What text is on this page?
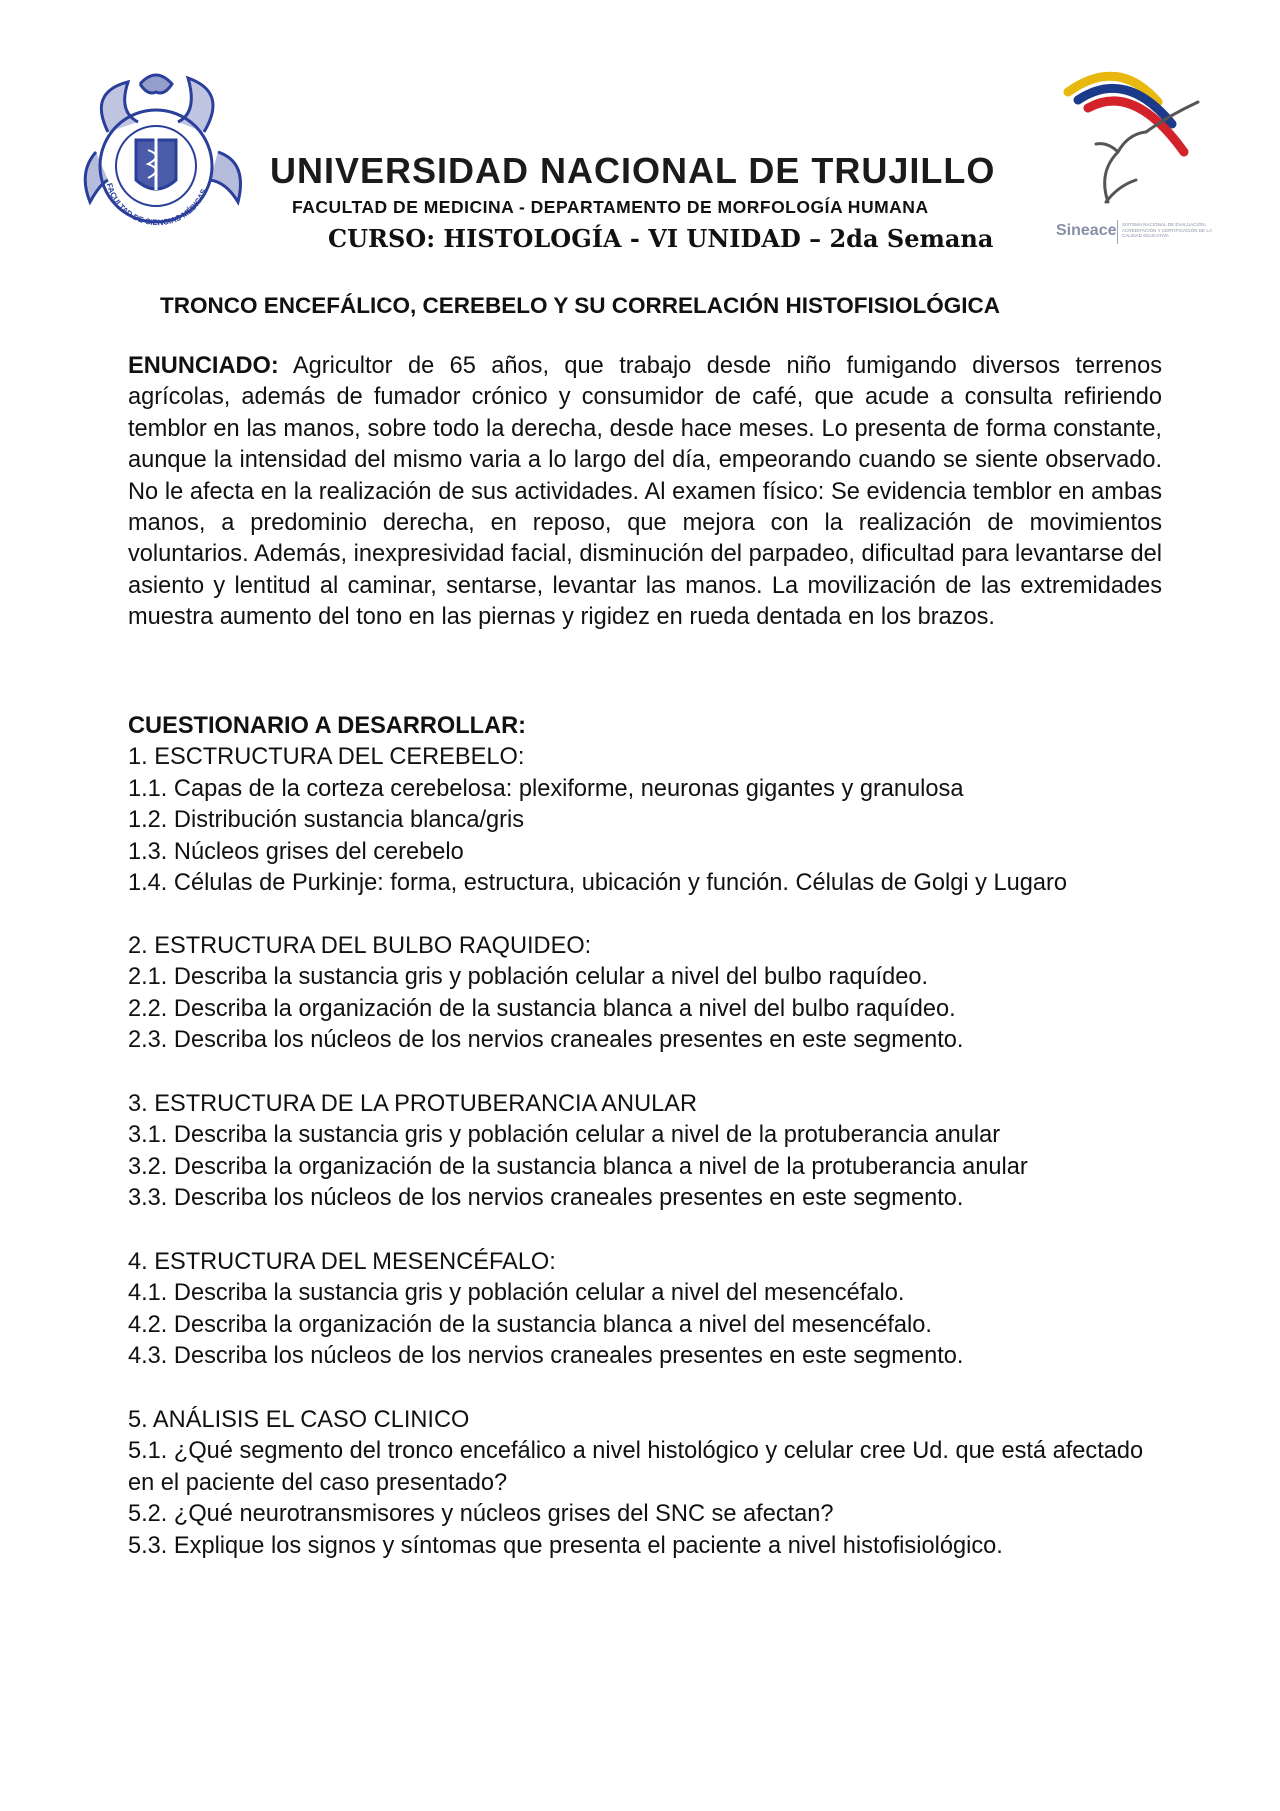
FACULTAD DE CIENCIAS MÉDICAS
Sineace SISTEMA NACIONAL DE EVALUACIÓN, ACREDITACIÓN Y CERTIFICACIÓN DE LA CALIDAD EDUCATIVA
UNIVERSIDAD NACIONAL DE TRUJILLO
FACULTAD DE MEDICINA - DEPARTAMENTO DE MORFOLOGÍA HUMANA
CURSO: HISTOLOGÍA - VI UNIDAD – 2da Semana
TRONCO ENCEFÁLICO, CEREBELO Y SU CORRELACIÓN HISTOFISIOLÓGICA
ENUNCIADO: Agricultor de 65 años, que trabajo desde niño fumigando diversos terrenos agrícolas, además de fumador crónico y consumidor de café, que acude a consulta refiriendo temblor en las manos, sobre todo la derecha, desde hace meses. Lo presenta de forma constante, aunque la intensidad del mismo varia a lo largo del día, empeorando cuando se siente observado. No le afecta en la realización de sus actividades. Al examen físico: Se evidencia temblor en ambas manos, a predominio derecha, en reposo, que mejora con la realización de movimientos voluntarios. Además, inexpresividad facial, disminución del parpadeo, dificultad para levantarse del asiento y lentitud al caminar, sentarse, levantar las manos. La movilización de las extremidades muestra aumento del tono en las piernas y rigidez en rueda dentada en los brazos.

CUESTIONARIO A DESARROLLAR:

1. ESCTRUCTURA DEL CEREBELO:

1.1. Capas de la corteza cerebelosa: plexiforme, neuronas gigantes y granulosa

1.2. Distribución sustancia blanca/gris

1.3. Núcleos grises del cerebelo

1.4. Células de Purkinje: forma, estructura, ubicación y función. Células de Golgi y Lugaro

2. ESTRUCTURA DEL BULBO RAQUIDEO:

2.1. Describa la sustancia gris y población celular a nivel del bulbo raquídeo.

2.2. Describa la organización de la sustancia blanca a nivel del bulbo raquídeo.

2.3. Describa los núcleos de los nervios craneales presentes en este segmento.

3. ESTRUCTURA DE LA PROTUBERANCIA ANULAR

3.1. Describa la sustancia gris y población celular a nivel de la protuberancia anular

3.2. Describa la organización de la sustancia blanca a nivel de la protuberancia anular

3.3. Describa los núcleos de los nervios craneales presentes en este segmento.

4. ESTRUCTURA DEL MESENCÉFALO:

4.1. Describa la sustancia gris y población celular a nivel del mesencéfalo.

4.2. Describa la organización de la sustancia blanca a nivel del mesencéfalo.

4.3. Describa los núcleos de los nervios craneales presentes en este segmento.

5. ANÁLISIS EL CASO CLINICO

5.1. ¿Qué segmento del tronco encefálico a nivel histológico y celular cree Ud. que está afectado en el paciente del caso presentado?

5.2. ¿Qué neurotransmisores y núcleos grises del SNC se afectan?

5.3. Explique los signos y síntomas que presenta el paciente a nivel histofisiológico.
